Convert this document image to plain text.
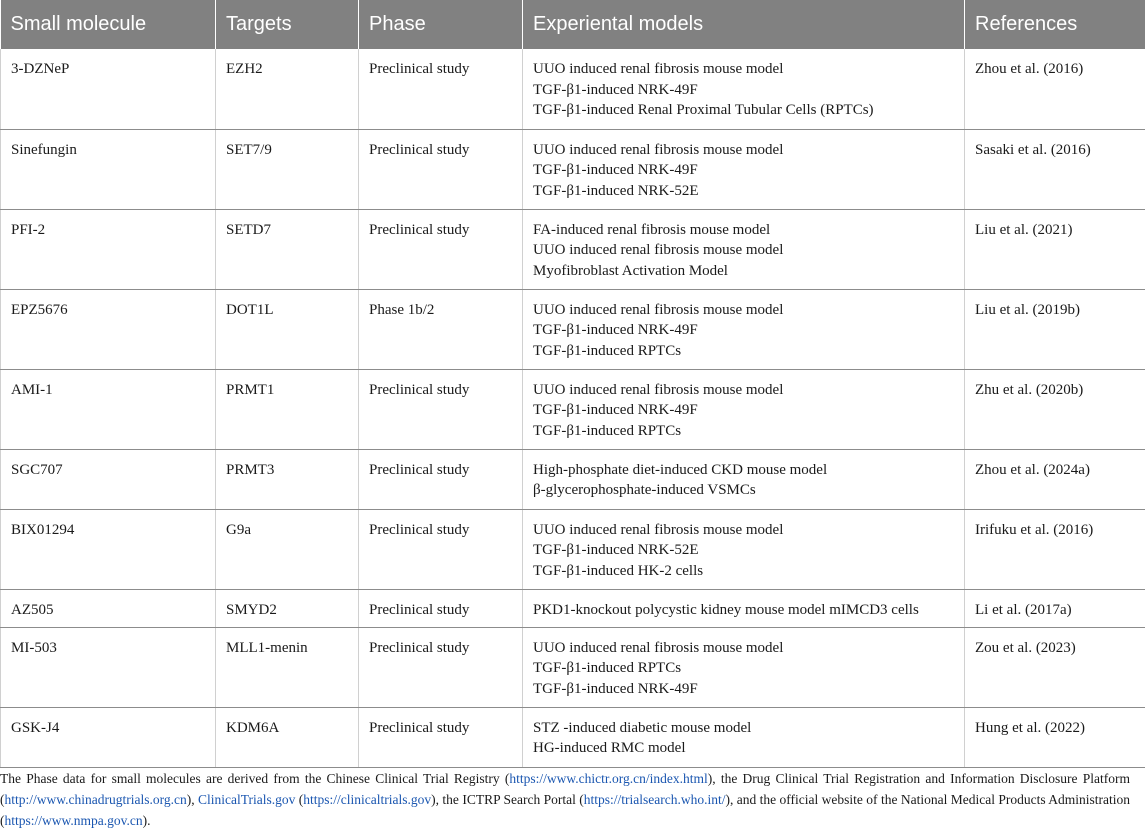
Small molecule	Targets	Phase	Experiental models	References
3-DZNeP	EZH2	Preclinical study	UUO induced renal fibrosis mouse model
TGF-β1-induced NRK-49F
TGF-β1-induced Renal Proximal Tubular Cells (RPTCs)	Zhou et al. (2016)
Sinefungin	SET7/9	Preclinical study	UUO induced renal fibrosis mouse model
TGF-β1-induced NRK-49F
TGF-β1-induced NRK-52E	Sasaki et al. (2016)
PFI-2	SETD7	Preclinical study	FA-induced renal fibrosis mouse model
UUO induced renal fibrosis mouse model
Myofibroblast Activation Model	Liu et al. (2021)
EPZ5676	DOT1L	Phase 1b/2	UUO induced renal fibrosis mouse model
TGF-β1-induced NRK-49F
TGF-β1-induced RPTCs	Liu et al. (2019b)
AMI-1	PRMT1	Preclinical study	UUO induced renal fibrosis mouse model
TGF-β1-induced NRK-49F
TGF-β1-induced RPTCs	Zhu et al. (2020b)
SGC707	PRMT3	Preclinical study	High-phosphate diet-induced CKD mouse model
β-glycerophosphate-induced VSMCs	Zhou et al. (2024a)
BIX01294	G9a	Preclinical study	UUO induced renal fibrosis mouse model
TGF-β1-induced NRK-52E
TGF-β1-induced HK-2 cells	Irifuku et al. (2016)
AZ505	SMYD2	Preclinical study	PKD1-knockout polycystic kidney mouse model mIMCD3 cells	Li et al. (2017a)
MI-503	MLL1-menin	Preclinical study	UUO induced renal fibrosis mouse model
TGF-β1-induced RPTCs
TGF-β1-induced NRK-49F	Zou et al. (2023)
GSK-J4	KDM6A	Preclinical study	STZ -induced diabetic mouse model
HG-induced RMC model	Hung et al. (2022)
The Phase data for small molecules are derived from the Chinese Clinical Trial Registry (https://www.chictr.org.cn/index.html), the Drug Clinical Trial Registration and Information Disclosure Platform (http://www.chinadrugtrials.org.cn), ClinicalTrials.gov (https://clinicaltrials.gov), the ICTRP Search Portal (https://trialsearch.who.int/), and the official website of the National Medical Products Administration (https://www.nmpa.gov.cn).
